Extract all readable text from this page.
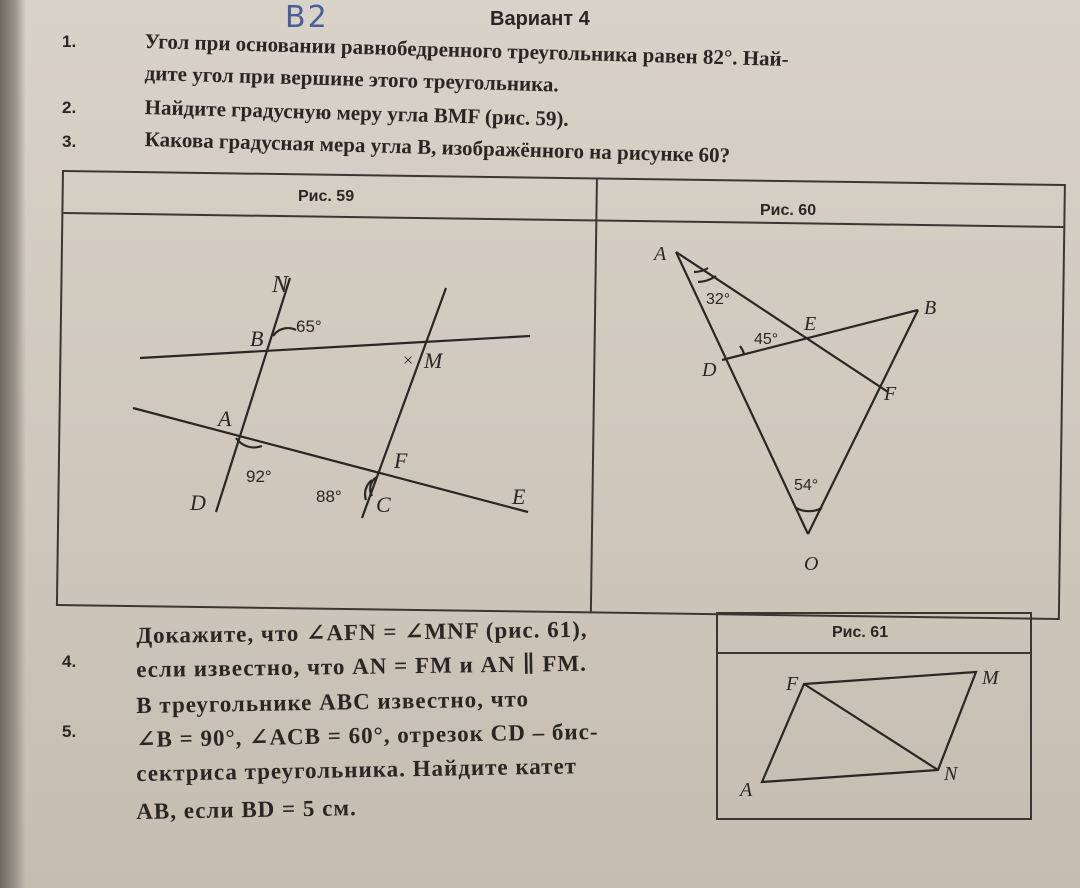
В2	Вариант 4
1.	Угол при основании равнобедренного треугольника равен 82°. Най-
дите угол при вершине этого треугольника.
2.	Найдите градусную меру угла BMF (рис. 59).
3.	Какова градусная мера угла B, изображённого на рисунке 60?
Рис. 59
Рис. 60
N
B 65°
× M
A
F
92°
D	88° C	E
A
32°	B
45°
E
D
F
54°
O
F	M
A
N
Рис. 61
4.
Докажите, что ∠AFN = ∠MNF (рис. 61),
если известно, что AN = FM и AN ∥ FM.
5.
В треугольнике ABC известно, что
∠B = 90°, ∠ACB = 60°, отрезок CD – бис-
сектриса треугольника. Найдите катет
AB, если BD = 5 см.
